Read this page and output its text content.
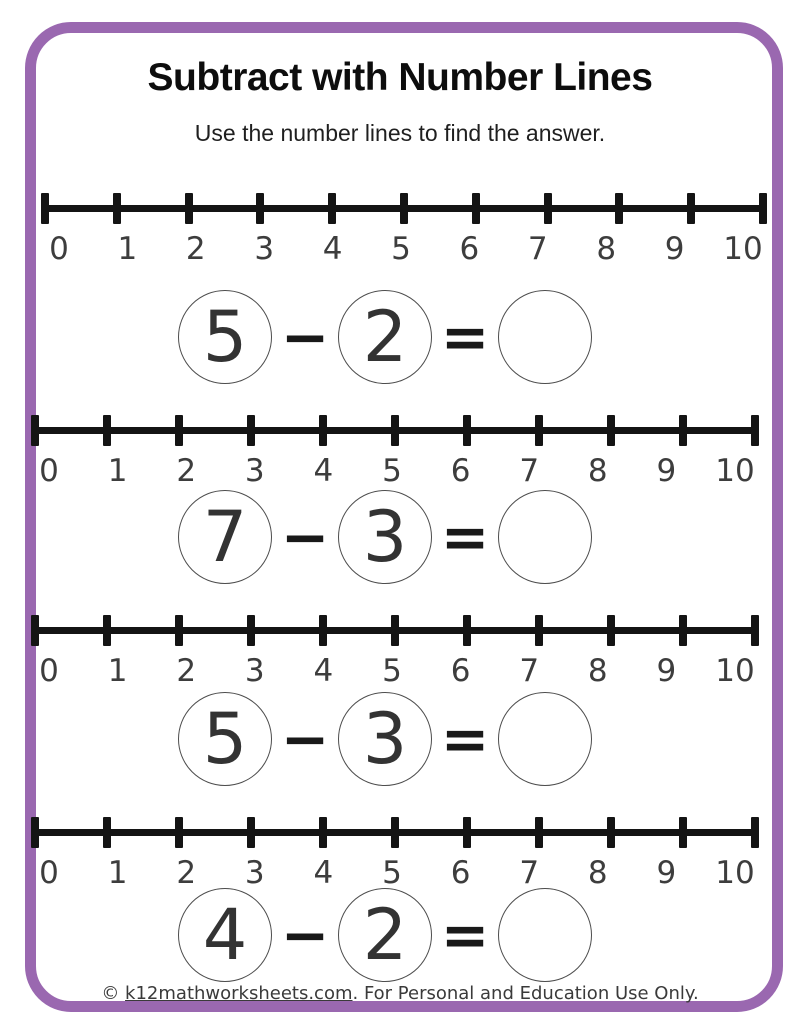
Subtract with Number Lines
Use the number lines to find the answer.
0 1 2 3 4 5 6 7 8 9 10
5 − 2 =
0 1 2 3 4 5 6 7 8 9 10
7 − 3 =
0 1 2 3 4 5 6 7 8 9 10
5 − 3 =
0 1 2 3 4 5 6 7 8 9 10
4 − 2 =
© k12mathworksheets.com. For Personal and Education Use Only.
